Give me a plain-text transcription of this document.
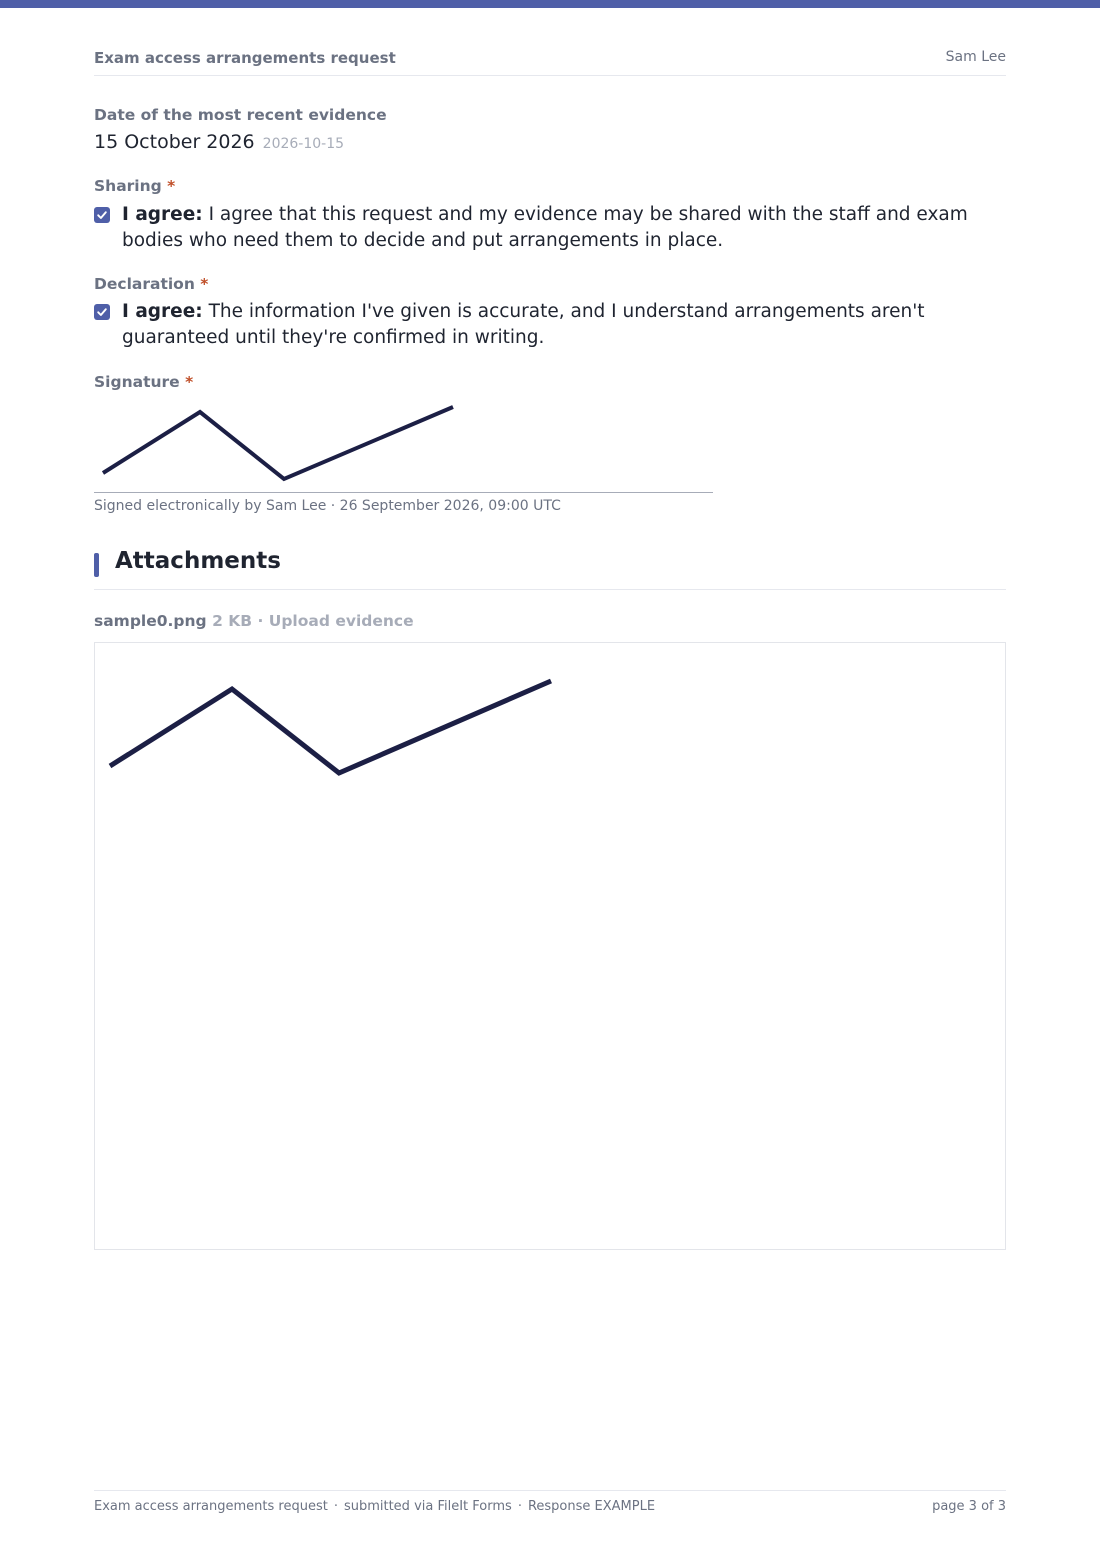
Exam access arrangements request	Sam Lee
Date of the most recent evidence
15 October 2026 2026-10-15
Sharing *
I agree: I agree that this request and my evidence may be shared with the staff and exam bodies who need them to decide and put arrangements in place.
Declaration *
I agree: The information I've given is accurate, and I understand arrangements aren't guaranteed until they're confirmed in writing.
Signature *
Signed electronically by Sam Lee · 26 September 2026, 09:00 UTC
Attachments
sample0.png 2 KB · Upload evidence
Exam access arrangements request · submitted via FileIt Forms · Response EXAMPLE	page 3 of 3
